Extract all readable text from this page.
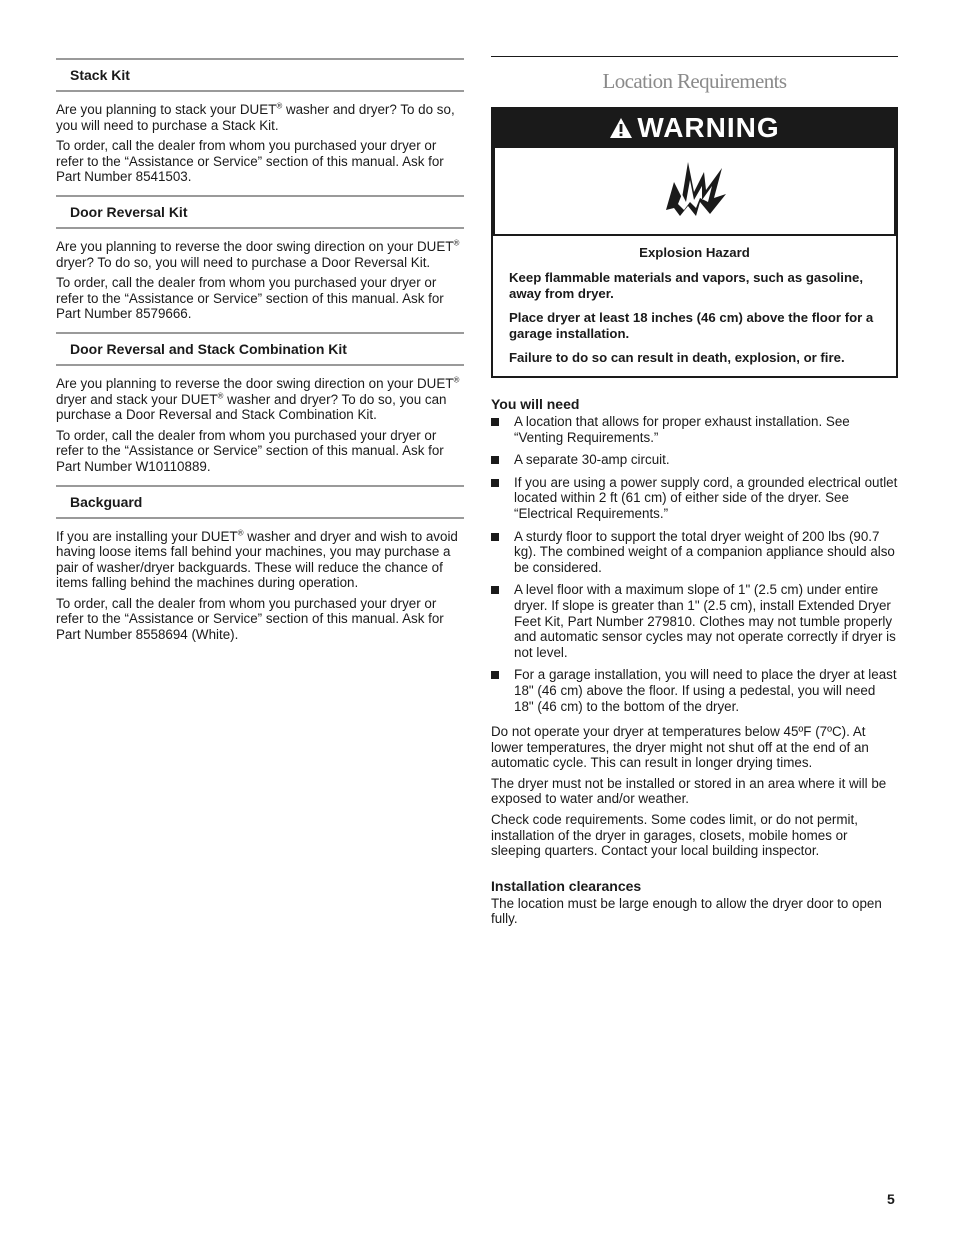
Stack Kit

Are you planning to stack your DUET® washer and dryer? To do so, you will need to purchase a Stack Kit.

To order, call the dealer from whom you purchased your dryer or refer to the “Assistance or Service” section of this manual. Ask for Part Number 8541503.

Door Reversal Kit

Are you planning to reverse the door swing direction on your DUET® dryer? To do so, you will need to purchase a Door Reversal Kit.

To order, call the dealer from whom you purchased your dryer or refer to the “Assistance or Service” section of this manual. Ask for Part Number 8579666.

Door Reversal and Stack Combination Kit

Are you planning to reverse the door swing direction on your DUET® dryer and stack your DUET® washer and dryer? To do so, you can purchase a Door Reversal and Stack Combination Kit.

To order, call the dealer from whom you purchased your dryer or refer to the “Assistance or Service” section of this manual. Ask for Part Number W10110889.

Backguard

If you are installing your DUET® washer and dryer and wish to avoid having loose items fall behind your machines, you may purchase a pair of washer/dryer backguards. These will reduce the chance of items falling behind the machines during operation.

To order, call the dealer from whom you purchased your dryer or refer to the “Assistance or Service” section of this manual. Ask for Part Number 8558694 (White).

Location Requirements
WARNING
Explosion Hazard

Keep flammable materials and vapors, such as gasoline, away from dryer.

Place dryer at least 18 inches (46 cm) above the floor for a garage installation.

Failure to do so can result in death, explosion, or fire.

You will need
A location that allows for proper exhaust installation. See “Venting Requirements.”
A separate 30-amp circuit.
If you are using a power supply cord, a grounded electrical outlet located within 2 ft (61 cm) of either side of the dryer. See “Electrical Requirements.”
A sturdy floor to support the total dryer weight of 200 lbs (90.7 kg). The combined weight of a companion appliance should also be considered.
A level floor with a maximum slope of 1" (2.5 cm) under entire dryer. If slope is greater than 1" (2.5 cm), install Extended Dryer Feet Kit, Part Number 279810. Clothes may not tumble properly and automatic sensor cycles may not operate correctly if dryer is not level.
For a garage installation, you will need to place the dryer at least 18" (46 cm) above the floor. If using a pedestal, you will need 18" (46 cm) to the bottom of the dryer.

Do not operate your dryer at temperatures below 45ºF (7ºC). At lower temperatures, the dryer might not shut off at the end of an automatic cycle. This can result in longer drying times.

The dryer must not be installed or stored in an area where it will be exposed to water and/or weather.

Check code requirements. Some codes limit, or do not permit, installation of the dryer in garages, closets, mobile homes or sleeping quarters. Contact your local building inspector.

Installation clearances

The location must be large enough to allow the dryer door to open fully.

5
